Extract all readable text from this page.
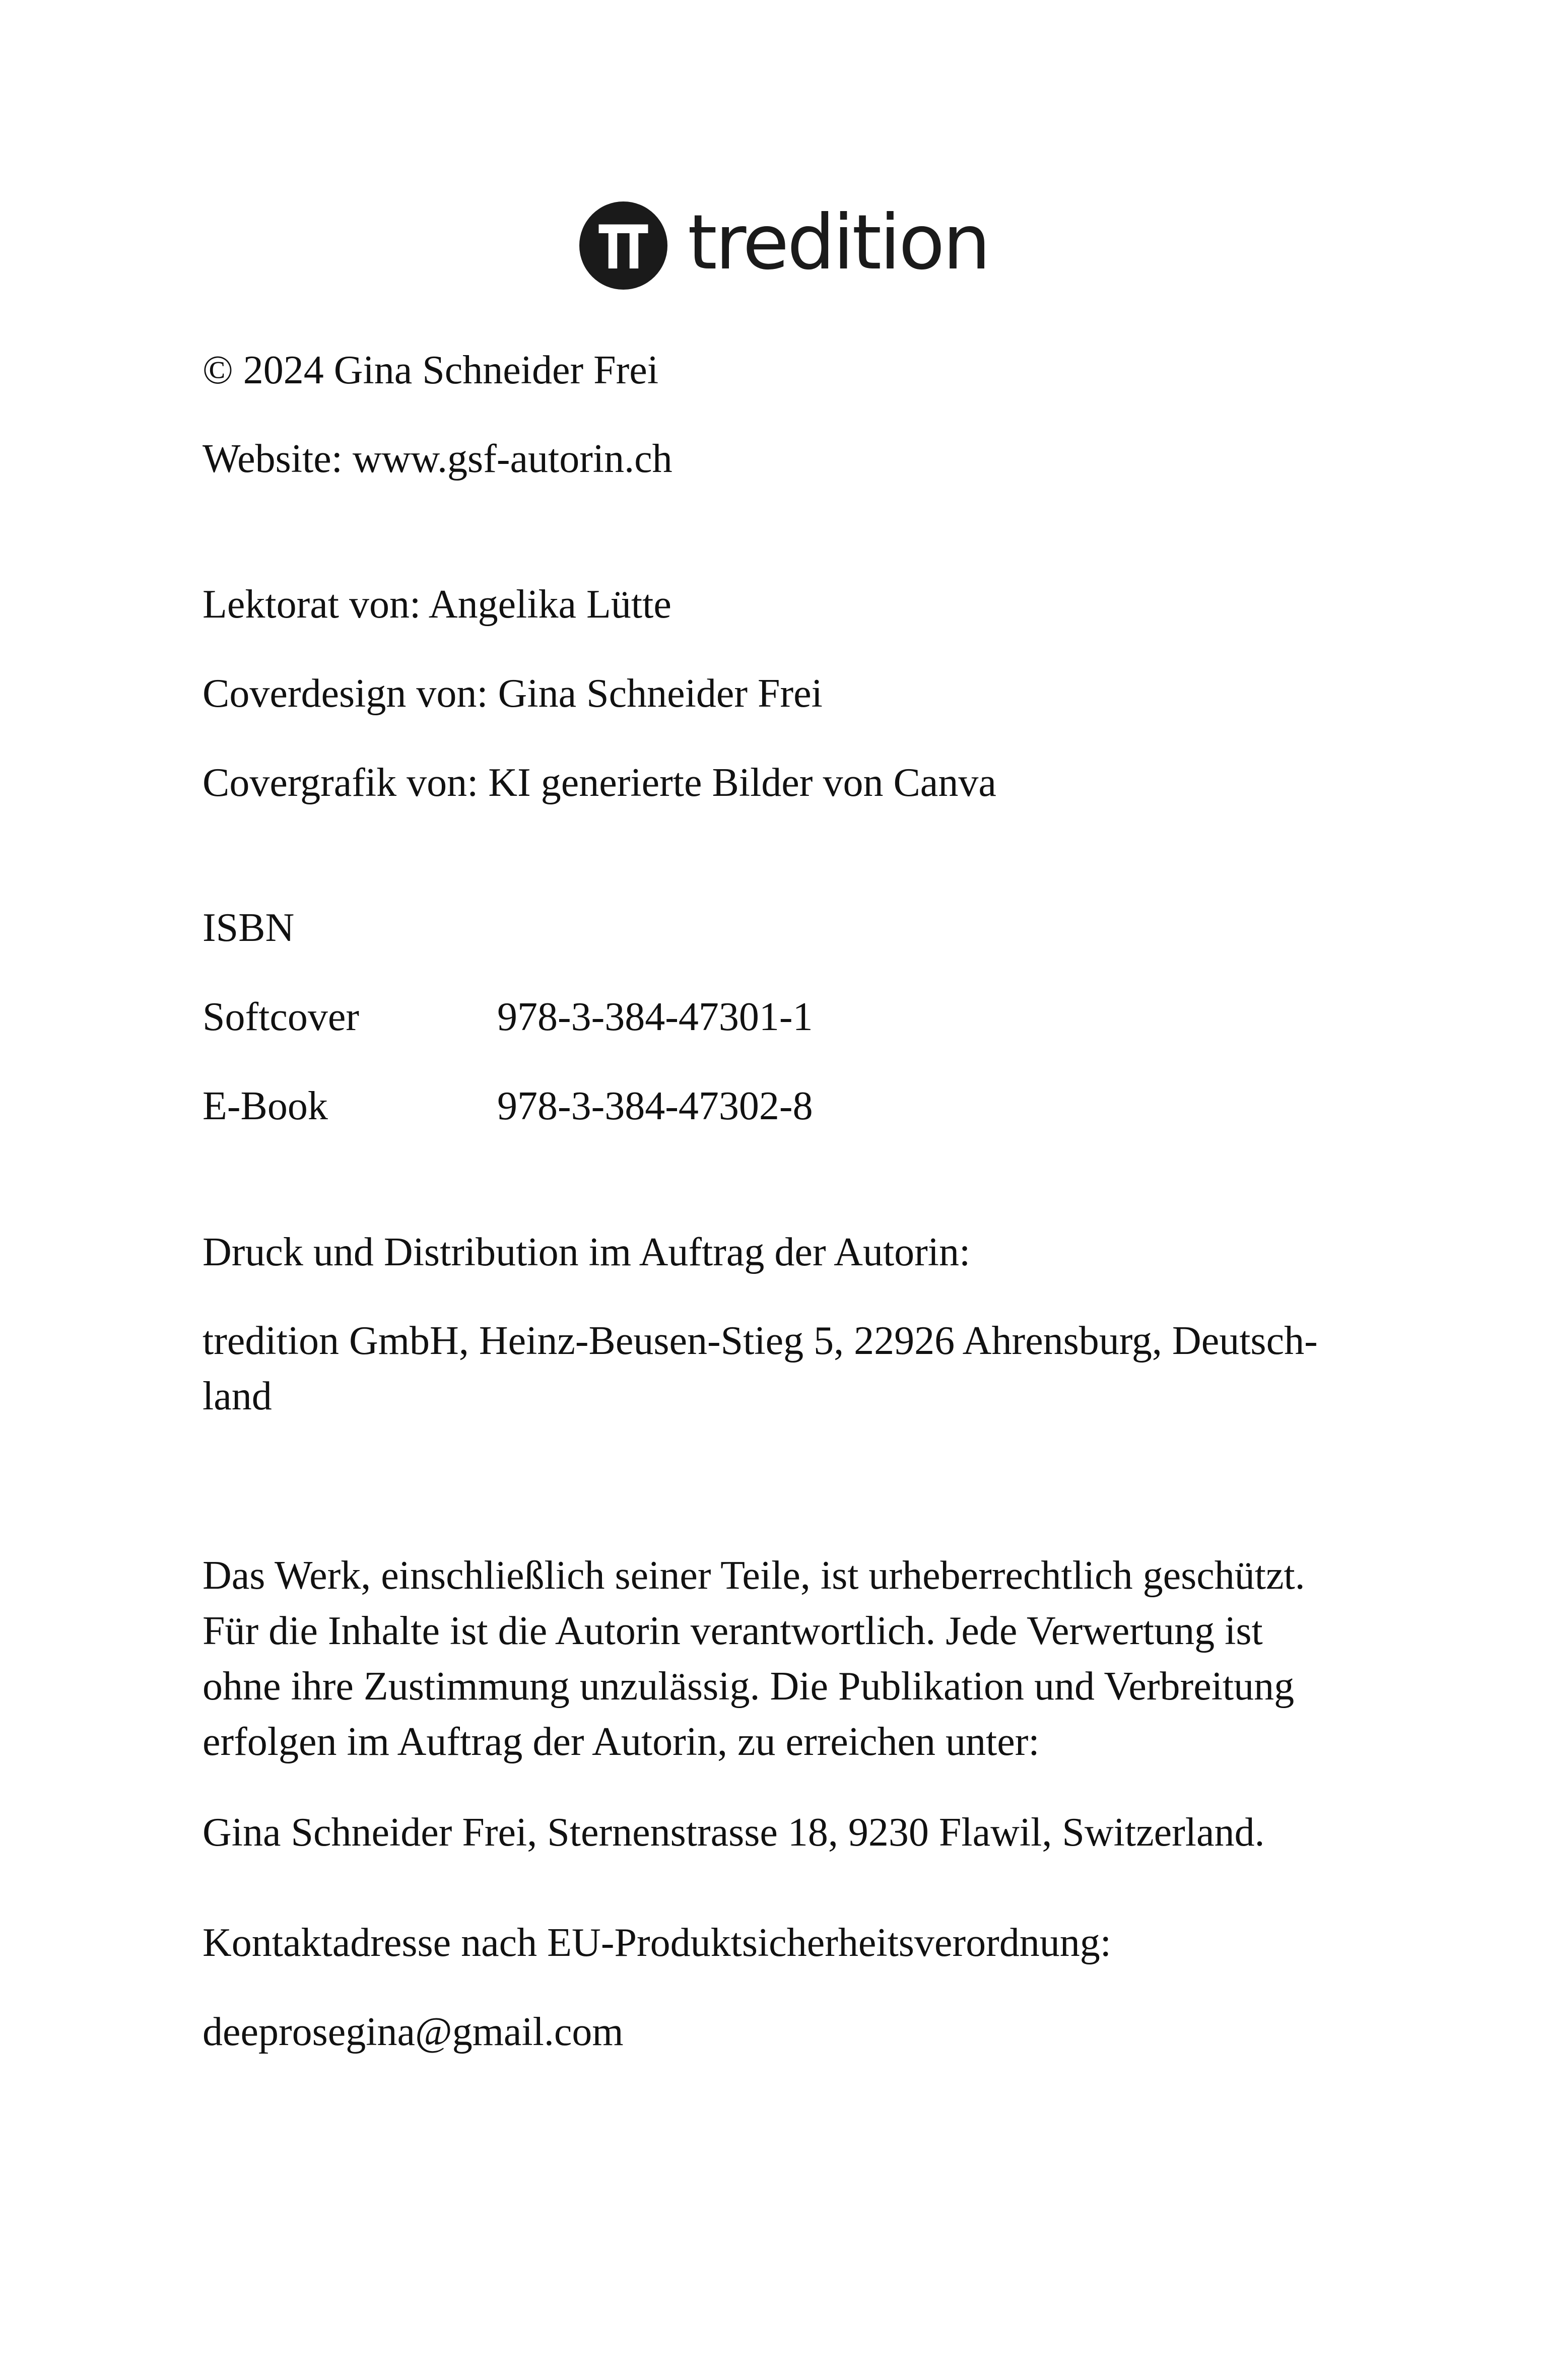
tredition
© 2024 Gina Schneider Frei
Website: www.gsf-autorin.ch
Lektorat von: Angelika Lütte
Coverdesign von: Gina Schneider Frei
Covergrafik von: KI generierte Bilder von Canva
ISBN
Softcover	978-3-384-47301-1
E-Book	978-3-384-47302-8
Druck und Distribution im Auftrag der Autorin:
tredition GmbH, Heinz-Beusen-Stieg 5, 22926 Ahrensburg, Deutsch-
land
Das Werk, einschließlich seiner Teile, ist urheberrechtlich geschützt.
Für die Inhalte ist die Autorin verantwortlich. Jede Verwertung ist
ohne ihre Zustimmung unzulässig. Die Publikation und Verbreitung
erfolgen im Auftrag der Autorin, zu erreichen unter:
Gina Schneider Frei, Sternenstrasse 18, 9230 Flawil, Switzerland.
Kontaktadresse nach EU-Produktsicherheitsverordnung:
deeprosegina@gmail.com
